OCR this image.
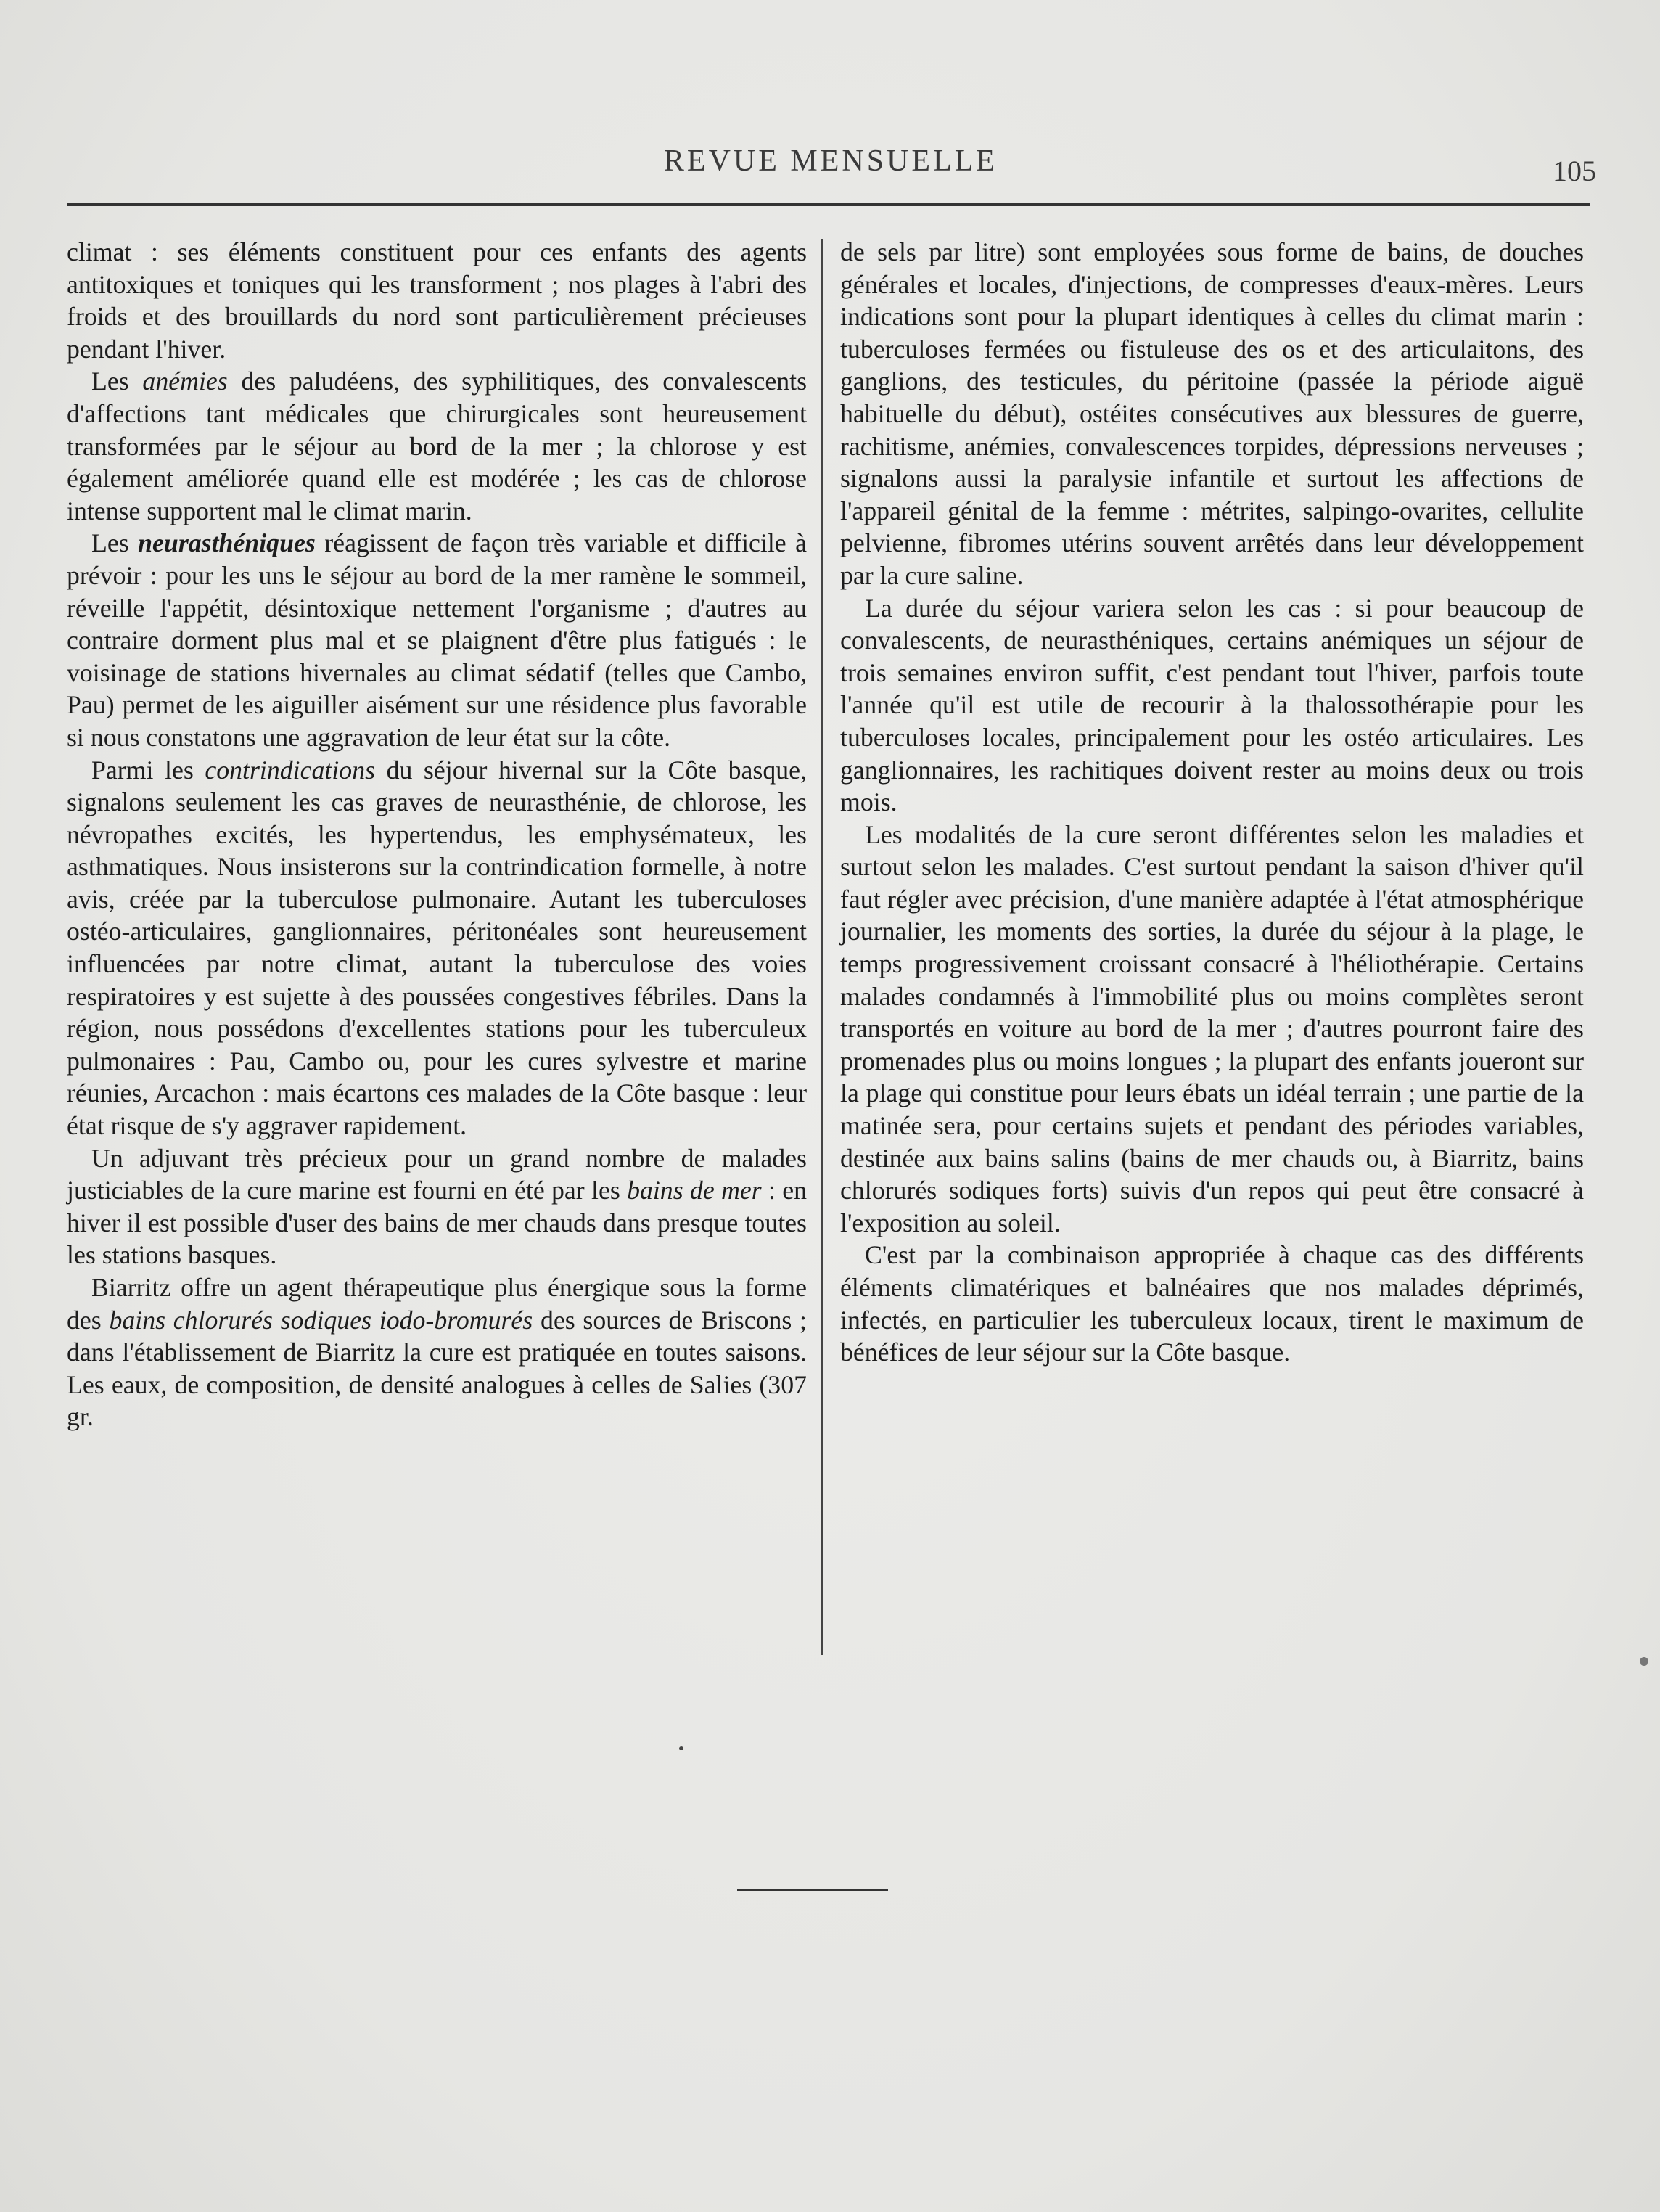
REVUE MENSUELLE	105

climat : ses éléments constituent pour ces enfants des agents antitoxiques et toniques qui les transforment ; nos plages à l'abri des froids et des brouillards du nord sont particulièrement précieuses pendant l'hiver.

Les anémies des paludéens, des syphilitiques, des convalescents d'affections tant médicales que chirurgicales sont heureusement transformées par le séjour au bord de la mer ; la chlorose y est également améliorée quand elle est modérée ; les cas de chlorose intense supportent mal le climat marin.

Les neurasthéniques réagissent de façon très variable et difficile à prévoir : pour les uns le séjour au bord de la mer ramène le sommeil, réveille l'appétit, désintoxique nettement l'organisme ; d'autres au contraire dorment plus mal et se plaignent d'être plus fatigués : le voisinage de stations hivernales au climat sédatif (telles que Cambo, Pau) permet de les aiguiller aisément sur une résidence plus favorable si nous constatons une aggravation de leur état sur la côte.

Parmi les contrindications du séjour hivernal sur la Côte basque, signalons seulement les cas graves de neurasthénie, de chlorose, les névropathes excités, les hypertendus, les emphysémateux, les asthmatiques. Nous insisterons sur la contrindication formelle, à notre avis, créée par la tuberculose pulmonaire. Autant les tuberculoses ostéo-articulaires, ganglionnaires, péritonéales sont heureusement influencées par notre climat, autant la tuberculose des voies respiratoires y est sujette à des poussées congestives fébriles. Dans la région, nous possédons d'excellentes stations pour les tuberculeux pulmonaires : Pau, Cambo ou, pour les cures sylvestre et marine réunies, Arcachon : mais écartons ces malades de la Côte basque : leur état risque de s'y aggraver rapidement.

Un adjuvant très précieux pour un grand nombre de malades justiciables de la cure marine est fourni en été par les bains de mer : en hiver il est possible d'user des bains de mer chauds dans presque toutes les stations basques.

Biarritz offre un agent thérapeutique plus énergique sous la forme des bains chlorurés sodiques iodo-bromurés des sources de Briscons ; dans l'établissement de Biarritz la cure est pratiquée en toutes saisons. Les eaux, de composition, de densité analogues à celles de Salies (307 gr.

de sels par litre) sont employées sous forme de bains, de douches générales et locales, d'injections, de compresses d'eaux-mères. Leurs indications sont pour la plupart identiques à celles du climat marin : tuberculoses fermées ou fistuleuse des os et des articulaitons, des ganglions, des testicules, du péritoine (passée la période aiguë habituelle du début), ostéites consécutives aux blessures de guerre, rachitisme, anémies, convalescences torpides, dépressions nerveuses ; signalons aussi la paralysie infantile et surtout les affections de l'appareil génital de la femme : métrites, salpingo-ovarites, cellulite pelvienne, fibromes utérins souvent arrêtés dans leur développement par la cure saline.

La durée du séjour variera selon les cas : si pour beaucoup de convalescents, de neurasthéniques, certains anémiques un séjour de trois semaines environ suffit, c'est pendant tout l'hiver, parfois toute l'année qu'il est utile de recourir à la thalossothérapie pour les tuberculoses locales, principalement pour les ostéo articulaires. Les ganglionnaires, les rachitiques doivent rester au moins deux ou trois mois.

Les modalités de la cure seront différentes selon les maladies et surtout selon les malades. C'est surtout pendant la saison d'hiver qu'il faut régler avec précision, d'une manière adaptée à l'état atmosphérique journalier, les moments des sorties, la durée du séjour à la plage, le temps progressivement croissant consacré à l'héliothérapie. Certains malades condamnés à l'immobilité plus ou moins complètes seront transportés en voiture au bord de la mer ; d'autres pourront faire des promenades plus ou moins longues ; la plupart des enfants joueront sur la plage qui constitue pour leurs ébats un idéal terrain ; une partie de la matinée sera, pour certains sujets et pendant des périodes variables, destinée aux bains salins (bains de mer chauds ou, à Biarritz, bains chlorurés sodiques forts) suivis d'un repos qui peut être consacré à l'exposition au soleil.

C'est par la combinaison appropriée à chaque cas des différents éléments climatériques et balnéaires que nos malades déprimés, infectés, en particulier les tuberculeux locaux, tirent le maximum de bénéfices de leur séjour sur la Côte basque.
